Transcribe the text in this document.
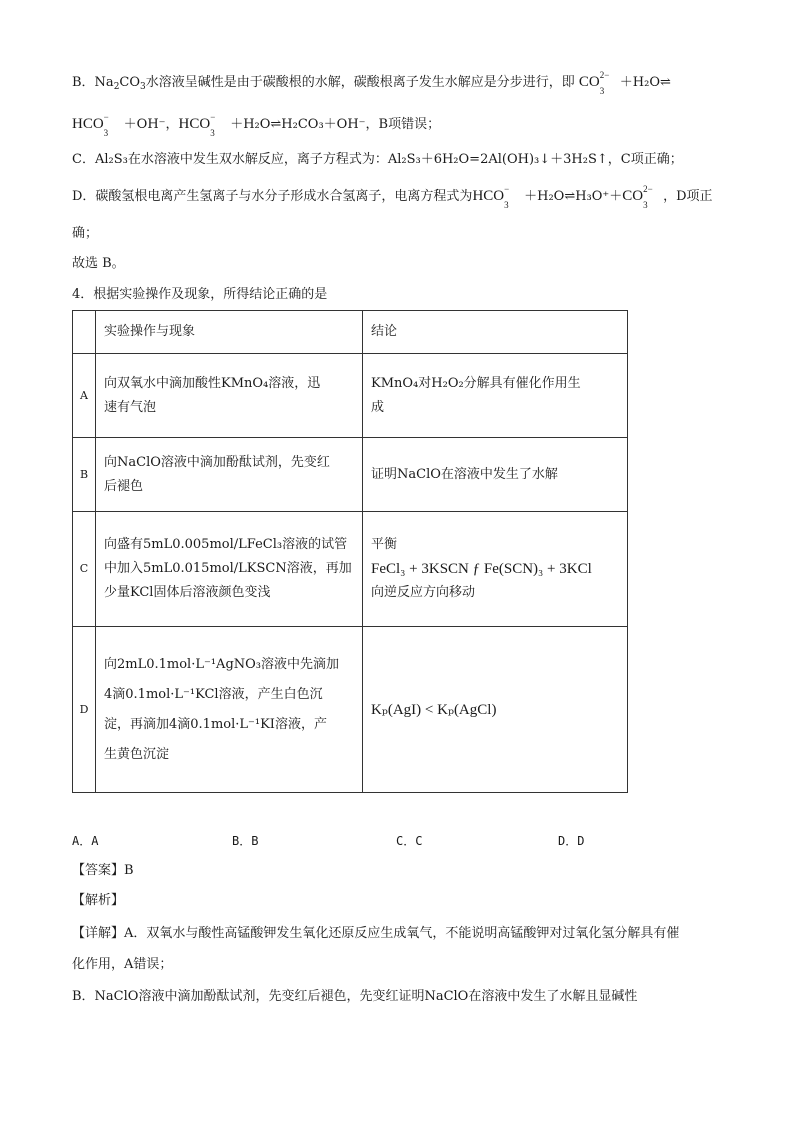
B．$Na_2CO_3$水溶液呈碱性是由于碳酸根的水解，碳酸根离子发生水解应是分步进行，即 CO 2−
3
＋H₂O⇌
HCO −
3
＋OH⁻，HCO −
3
＋H₂O⇌H₂CO₃＋OH⁻，B项错误；
C．Al₂S₃在水溶液中发生双水解反应，离子方程式为：Al₂S₃＋6H₂O=2Al(OH)₃↓＋3H₂S↑，C项正确；
D．碳酸氢根电离产生氢离子与水分子形成水合氢离子，电离方程式为HCO −
3
＋H₂O⇌H₃O⁺＋CO 2−
3
，D项正
确；
故选 B。
4．根据实验操作及现象，所得结论正确的是
	实验操作与现象	结论
A	向双氧水中滴加酸性KMnO₄溶液，迅
速有气泡	KMnO₄对H₂O₂分解具有催化作用生
成

B	向NaClO溶液中滴加酚酞试剂，先变红
后褪色	证明NaClO在溶液中发生了水解

C	向盛有5mL0.005mol/LFeCl₃溶液的试管
中加入5mL0.015mol/LKSCN溶液，再加
少量KCl固体后溶液颜色变浅	平衡
FeCl₃ + 3KSCN ƒ Fe(SCN)₃ + 3KCl
向逆反应方向移动

D	向2mL0.1mol·L⁻¹AgNO₃溶液中先滴加
4滴0.1mol·L⁻¹KCl溶液，产生白色沉
淀，再滴加4滴0.1mol·L⁻¹KI溶液，产
生黄色沉淀	Kₚ(AgI) < Kₚ(AgCl)
A．A	B．B	C．C	D．D
【答案】B
【解析】
【详解】A．双氧水与酸性高锰酸钾发生氧化还原反应生成氧气，不能说明高锰酸钾对过氧化氢分解具有催
化作用，A错误；
B．NaClO溶液中滴加酚酞试剂，先变红后褪色，先变红证明NaClO在溶液中发生了水解且显碱性
